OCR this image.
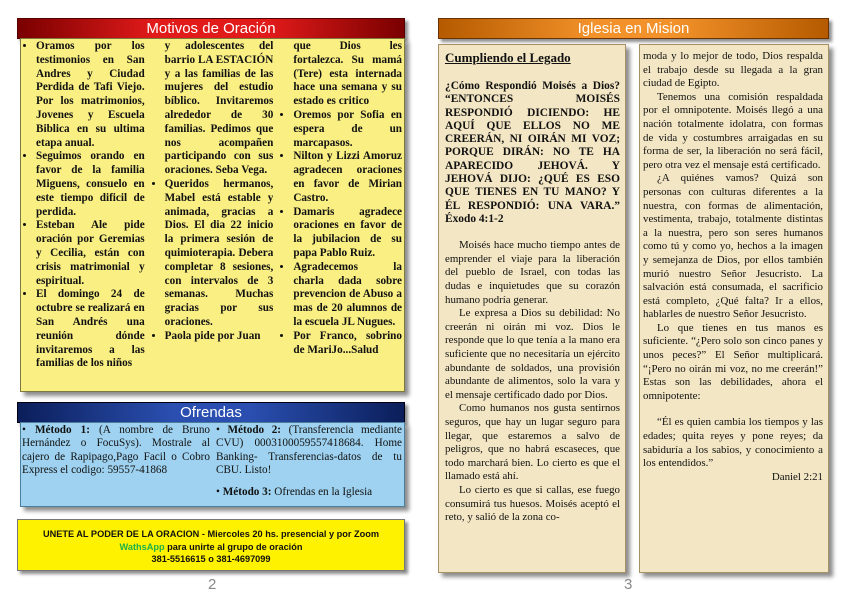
Motivos de Oración
• Oramos por los testimonios en San Andres y Ciudad Perdida de Tafi Viejo. Por los matrimonios, Jovenes y Escuela Biblica en su ultima etapa anual.
• Seguimos orando en favor de la familia Miguens, consuelo en este tiempo dificil de perdida.
• Esteban Ale pide oración por Geremias y Cecilia, están con crisis matrimonial y espiritual.
• El domingo 24 de octubre se realizará en San Andrés una reunión dónde invitaremos a las familias de los niños

y adolescentes del barrio LA ESTACIÓN y a las familias de las mujeres del estudio bíblico. Invitaremos alrededor de 30 familias. Pedimos que nos acompañen participando con sus oraciones. Seba Vega.

• Queridos hermanos, Mabel está estable y animada, gracias a Dios. El dia 22 inicio la primera sesión de quimioterapia. Debera completar 8 sesiones, con intervalos de 3 semanas. Muchas gracias por sus oraciones.
• Paola pide por Juan

que Dios les fortalezca. Su mamá (Tere) esta internada hace una semana y su estado es critico

• Oremos por Sofia en espera de un marcapasos.
• Nilton y Lizzi Amoruz agradecen oraciones en favor de Mirian Castro.
• Damaris agradece oraciones en favor de la jubilacion de su papa Pablo Ruiz.
• Agradecemos la charla dada sobre prevencion de Abuso a mas de 20 alumnos de la escuela JL Nugues.
• Por Franco, sobrino de MariJo...Salud
Ofrendas
• Método 1: (A nombre de Bruno Hernández o FocuSys). Mostrale al cajero de Rapipago,Pago Facil o Cobro Express el codigo: 59557-41868
• Método 2: (Transferencia mediante CVU) 0003100059557418684. Home Banking- Transferencias-datos de tu CBU. Listo!
• Método 3: Ofrendas en la Iglesia
UNETE AL PODER DE LA ORACION - Miercoles 20 hs. presencial y por Zoom
WathsApp para unirte al grupo de oración
381-5516615 o 381-4697099
2
Iglesia en Mision

Cumpliendo el Legado

¿Cómo Respondió Moisés a Dios? “ENTONCES MOISÉS RESPONDIÓ DICIENDO: HE AQUÍ QUE ELLOS NO ME CREERÁN, NI OIRÁN MI VOZ; PORQUE DIRÁN: NO TE HA APARECIDO JEHOVÁ. Y JEHOVÁ DIJO: ¿QUÉ ES ESO QUE TIENES EN TU MANO? Y ÉL RESPONDIÓ: UNA VARA.” Éxodo 4:1-2

Moisés hace mucho tiempo antes de emprender el viaje para la liberación del pueblo de Israel, con todas las dudas e inquietudes que su corazón humano podría generar.

Le expresa a Dios su debilidad: No creerán ni oirán mi voz. Dios le responde que lo que tenía a la mano era suficiente que no necesitaría un ejército abundante de soldados, una provisión abundante de alimentos, solo la vara y el mensaje certificado dado por Dios.

Como humanos nos gusta sentirnos seguros, que hay un lugar seguro para llegar, que estaremos a salvo de peligros, que no habrá escaseces, que todo marchará bien. Lo cierto es que el llamado está ahí.

Lo cierto es que si callas, ese fuego consumirá tus huesos. Moisés aceptó el reto, y salió de la zona co-

moda y lo mejor de todo, Dios respalda el trabajo desde su llegada a la gran ciudad de Egipto.

Tenemos una comisión respaldada por el omnipotente. Moisés llegó a una nación totalmente idolatra, con formas de vida y costumbres arraigadas en su forma de ser, la liberación no será fácil, pero otra vez el mensaje está certificado.

¿A quiénes vamos? Quizá son personas con culturas diferentes a la nuestra, con formas de alimentación, vestimenta, trabajo, totalmente distintas a la nuestra, pero son seres humanos como tú y como yo, hechos a la imagen y semejanza de Dios, por ellos también murió nuestro Señor Jesucristo. La salvación está consumada, el sacrificio está completo, ¿Qué falta? Ir a ellos, hablarles de nuestro Señor Jesucristo.

Lo que tienes en tus manos es suficiente. “¿Pero solo son cinco panes y unos peces?” El Señor multiplicará. “¡Pero no oirán mi voz, no me creerán!” Estas son las debilidades, ahora el omnipotente:

“Él es quien cambia los tiempos y las edades; quita reyes y pone reyes; da sabiduría a los sabios, y conocimiento a los entendidos.”

Daniel 2:21

3
